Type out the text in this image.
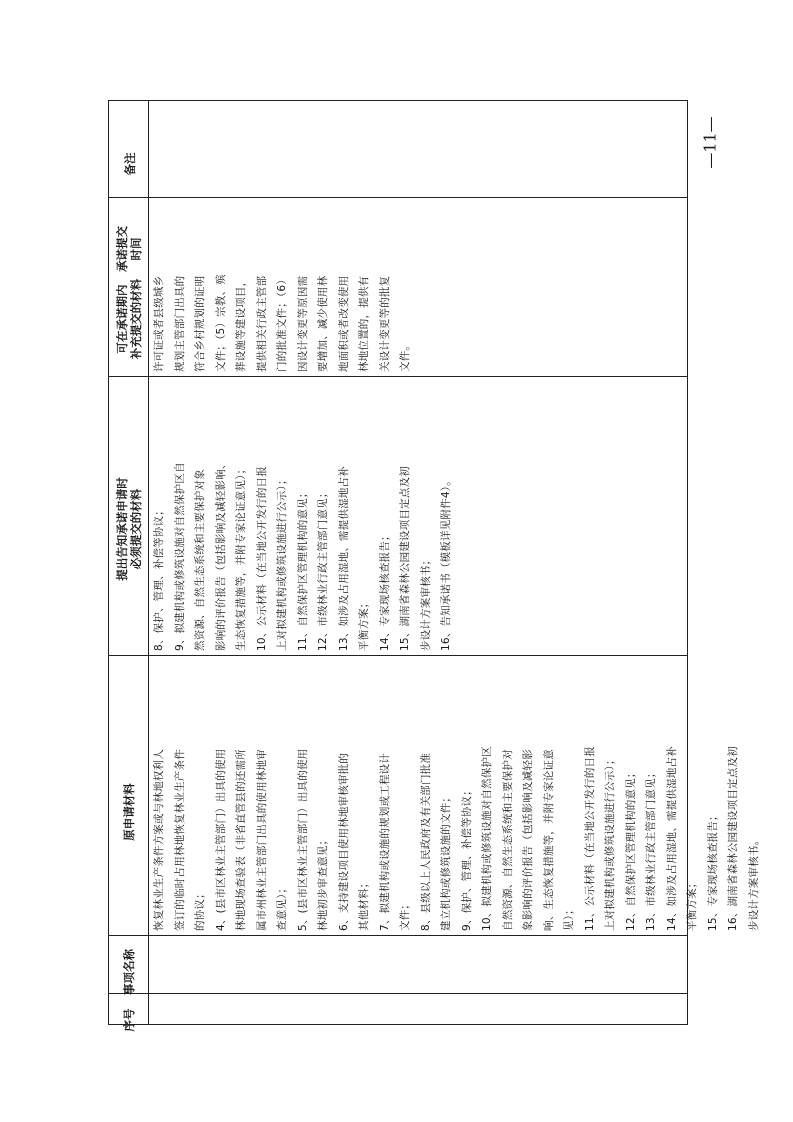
备注

承诺提交
时间

可在承诺期内
补充提交的材料

提出告知承诺申请时
必须提交的材料

原申请材料

事项名称

序号

许可证或者县级城乡 规划主管部门出具的 符合乡村规划的证明 文件；（5）宗教、殡 葬设施等建设项目， 提供相关行政主管部 门的批准文件；（6） 因设计变更等原因需 要增加、减少使用林 地面积或者改变使用 林地位置的，提供有 关设计变更等的批复 文件。
8、保护、管理、补偿等协议； 9、拟建机构或修筑设施对自然保护区自 然资源、自然生态系统和主要保护对象 影响的评价报告（包括影响及减轻影响、 生态恢复措施等，并附专家论证意见）； 10、公示材料（在当地公开发行的日报 上对拟建机构或修筑设施进行公示）； 11、自然保护区管理机构的意见； 12、市级林业行政主管部门意见； 13、如涉及占用湿地、需提供湿地占补 平衡方案； 14、专家现场核查报告； 15、湖南省森林公园建设项目定点及初 步设计方案审核书； 16、告知承诺书（模板详见附件4）。
恢复林业生产条件方案或与林地权利人 签订的临时占用林地恢复林业生产条件 的协议； 4、(县市区林业主管部门）出具的使用 林地现场查验表（非省直管县的还需所 属市州林业主管部门出具的使用林地审 查意见）； 5、(县市区林业主管部门）出具的使用 林地初步审查意见； 6、支持建设项目使用林地审核审批的 其他材料； 7、拟建机构或设施的规划或工程设计 文件； 8、县级以上人民政府及有关部门批准 建立机构或修筑设施的文件； 9、保护、管理、补偿等协议； 10、拟建机构或修筑设施对自然保护区 自然资源、自然生态系统和主要保护对 象影响的评价报告（包括影响及减轻影 响、生态恢复措施等，并附专家论证意 见）； 11、公示材料（在当地公开发行的日报 上对拟建机构或修筑设施进行公示）； 12、自然保护区管理机构的意见； 13、市级林业行政主管部门意见； 14、如涉及占用湿地、需提供湿地占补 平衡方案； 15、专家现场核查报告； 16、湖南省森林公园建设项目定点及初 步设计方案审核书。
—11—
